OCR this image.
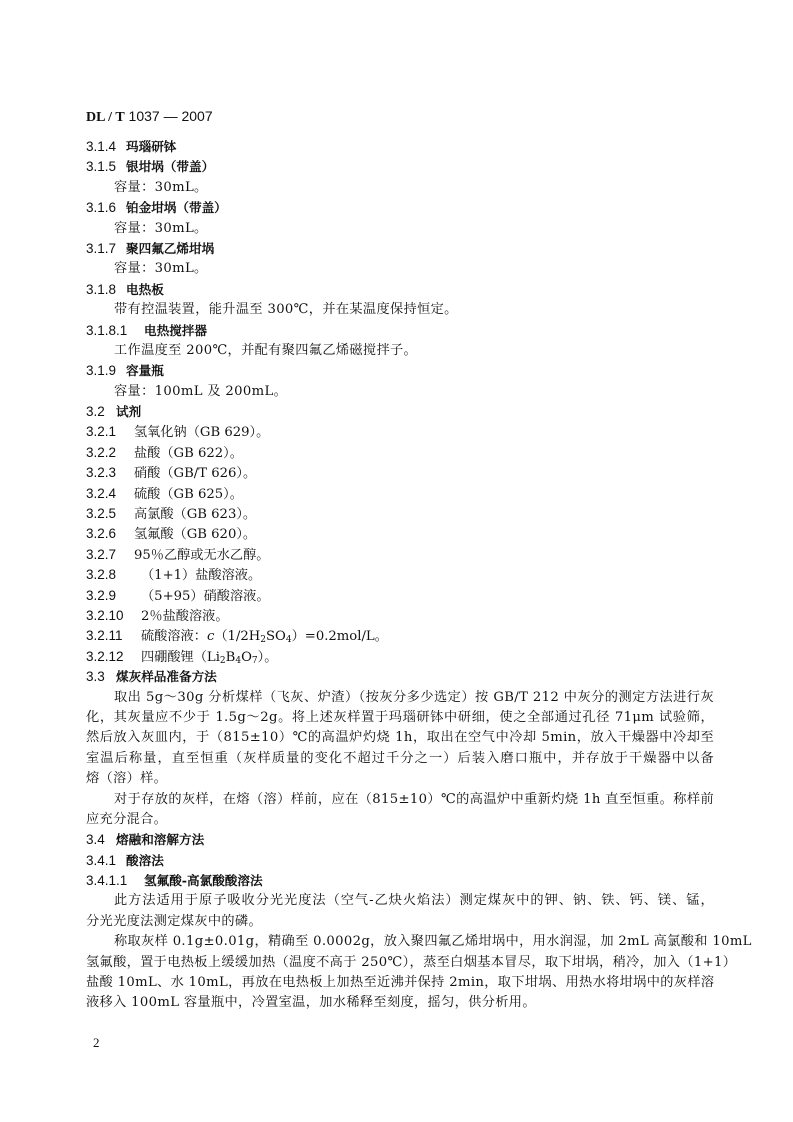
DL / T 1037 — 2007
3.1.4 玛瑙研钵
3.1.5 银坩埚（带盖）
容量：30mL。
3.1.6 铂金坩埚（带盖）
容量：30mL。
3.1.7 聚四氟乙烯坩埚
容量：30mL。
3.1.8 电热板
带有控温装置，能升温至 300℃，并在某温度保持恒定。
3.1.8.1 电热搅拌器
工作温度至 200℃，并配有聚四氟乙烯磁搅拌子。
3.1.9 容量瓶
容量：100mL 及 200mL。
3.2 试剂
3.2.1 氢氧化钠（GB 629）。
3.2.2 盐酸（GB 622）。
3.2.3 硝酸（GB/T 626）。
3.2.4 硫酸（GB 625）。
3.2.5 高氯酸（GB 623）。
3.2.6 氢氟酸（GB 620）。
3.2.7 95％乙醇或无水乙醇。
3.2.8 （1+1）盐酸溶液。
3.2.9 （5+95）硝酸溶液。
3.2.10 2％盐酸溶液。
3.2.11 硫酸溶液：$c(1/2H_2SO_4)=0.2mol/L$。
3.2.12 四硼酸锂$(Li_2B_4O_7)$。
3.3 煤灰样品准备方法
取出 5g～30g 分析煤样（飞灰、炉渣）（按灰分多少选定）按 GB/T 212 中灰分的测定方法进行灰
化，其灰量应不少于 1.5g～2g。将上述灰样置于玛瑙研钵中研细，使之全部通过孔径 71μm 试验筛，
然后放入灰皿内，于（815±10）℃的高温炉灼烧 1h，取出在空气中冷却 5min，放入干燥器中冷却至
室温后称量，直至恒重（灰样质量的变化不超过千分之一）后装入磨口瓶中，并存放于干燥器中以备
熔（溶）样。
对于存放的灰样，在熔（溶）样前，应在（815±10）℃的高温炉中重新灼烧 1h 直至恒重。称样前
应充分混合。
3.4 熔融和溶解方法
3.4.1 酸溶法
3.4.1.1 氢氟酸-高氯酸酸溶法
此方法适用于原子吸收分光光度法（空气-乙炔火焰法）测定煤灰中的钾、钠、铁、钙、镁、锰，
分光光度法测定煤灰中的磷。
称取灰样 0.1g±0.01g，精确至 0.0002g，放入聚四氟乙烯坩埚中，用水润湿，加 2mL 高氯酸和 10mL
氢氟酸，置于电热板上缓缓加热（温度不高于 250℃），蒸至白烟基本冒尽，取下坩埚，稍冷，加入（1+1）
盐酸 10mL、水 10mL，再放在电热板上加热至近沸并保持 2min，取下坩埚、用热水将坩埚中的灰样溶
液移入 100mL 容量瓶中，冷置室温，加水稀释至刻度，摇匀，供分析用。
2
